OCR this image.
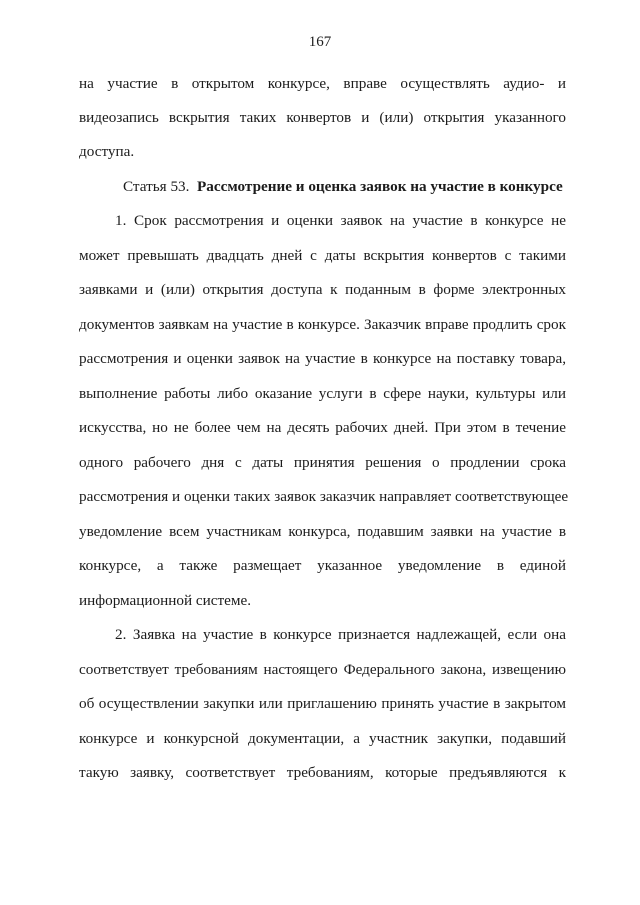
167
на участие в открытом конкурсе, вправе осуществлять аудио- и
видеозапись вскрытия таких конвертов и (или) открытия указанного
доступа.
Статья 53. Рассмотрение и оценка заявок на участие в конкурсе
1. Срок рассмотрения и оценки заявок на участие в конкурсе не
может превышать двадцать дней с даты вскрытия конвертов с такими
заявками и (или) открытия доступа к поданным в форме электронных
документов заявкам на участие в конкурсе. Заказчик вправе продлить срок
рассмотрения и оценки заявок на участие в конкурсе на поставку товара,
выполнение работы либо оказание услуги в сфере науки, культуры или
искусства, но не более чем на десять рабочих дней. При этом в течение
одного рабочего дня с даты принятия решения о продлении срока
рассмотрения и оценки таких заявок заказчик направляет соответствующее
уведомление всем участникам конкурса, подавшим заявки на участие в
конкурсе, а также размещает указанное уведомление в единой
информационной системе.
2. Заявка на участие в конкурсе признается надлежащей, если она
соответствует требованиям настоящего Федерального закона, извещению
об осуществлении закупки или приглашению принять участие в закрытом
конкурсе и конкурсной документации, а участник закупки, подавший
такую заявку, соответствует требованиям, которые предъявляются к
